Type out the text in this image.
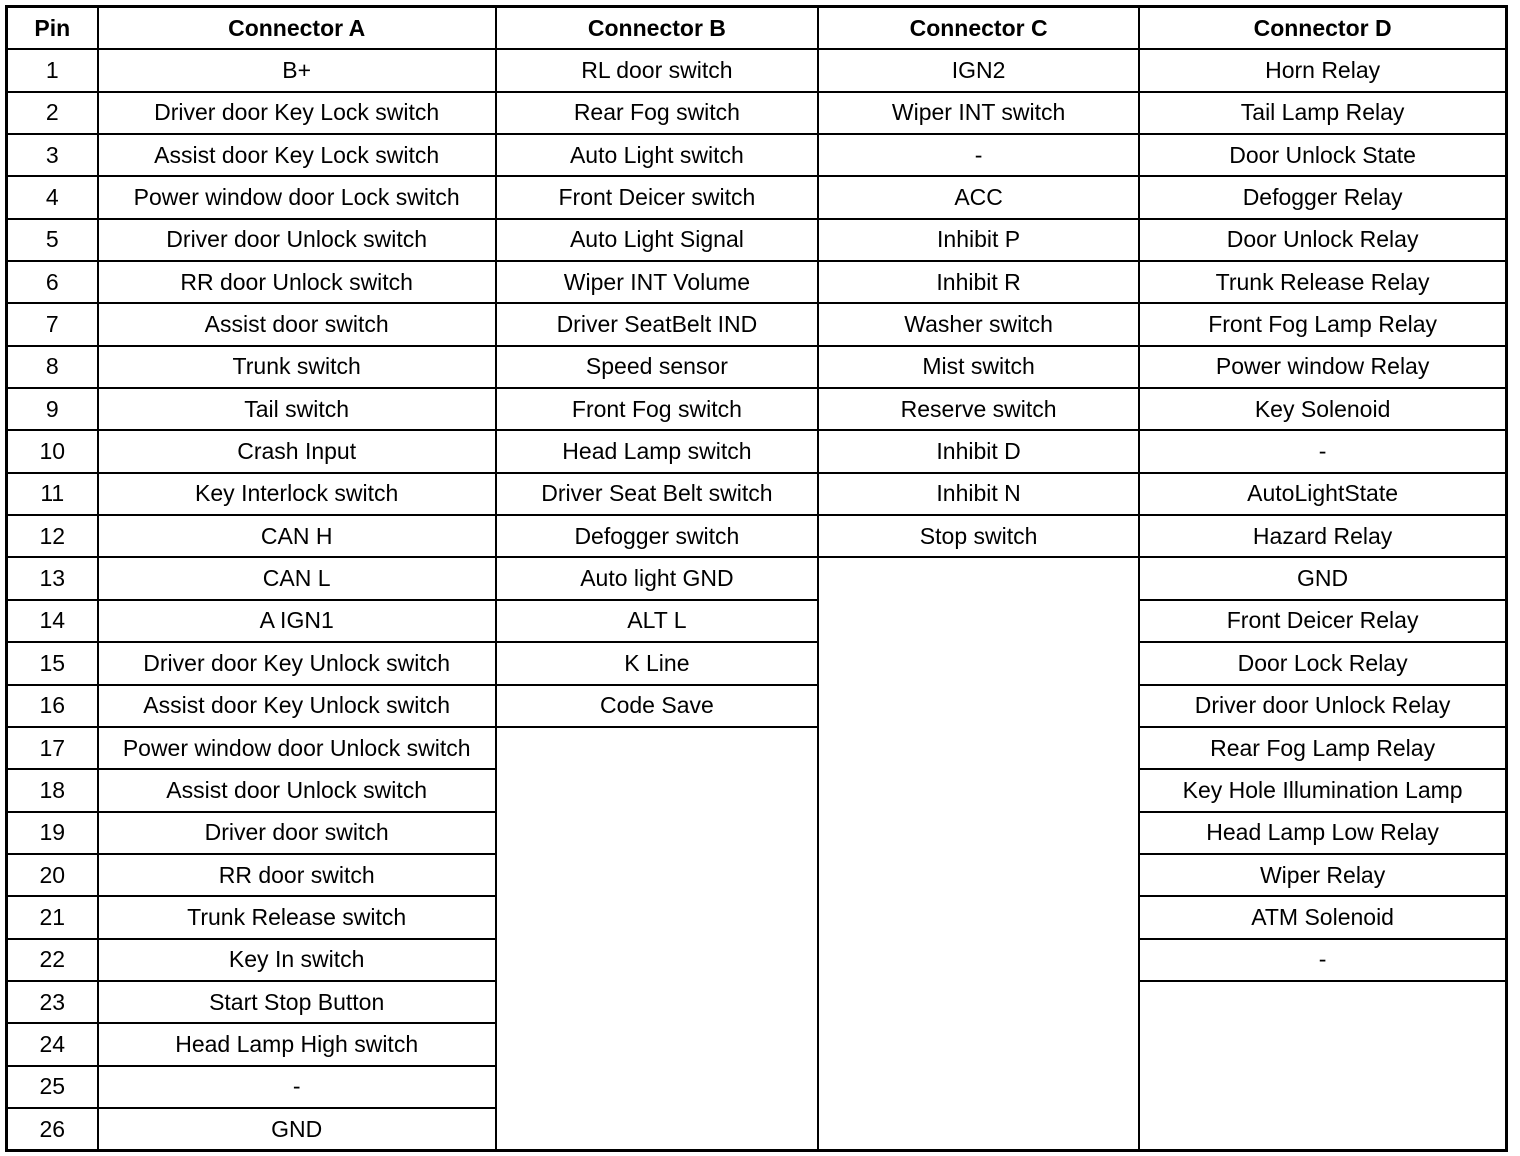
Pin	Connector A	Connector B	Connector C	Connector D
1	B+	RL door switch	IGN2	Horn Relay
2	Driver door Key Lock switch	Rear Fog switch	Wiper INT switch	Tail Lamp Relay
3	Assist door Key Lock switch	Auto Light switch	-	Door Unlock State
4	Power window door Lock switch	Front Deicer switch	ACC	Defogger Relay
5	Driver door Unlock switch	Auto Light Signal	Inhibit P	Door Unlock Relay
6	RR door Unlock switch	Wiper INT Volume	Inhibit R	Trunk Release Relay
7	Assist door switch	Driver SeatBelt IND	Washer switch	Front Fog Lamp Relay
8	Trunk switch	Speed sensor	Mist switch	Power window Relay
9	Tail switch	Front Fog switch	Reserve switch	Key Solenoid
10	Crash Input	Head Lamp switch	Inhibit D	-
11	Key Interlock switch	Driver Seat Belt switch	Inhibit N	AutoLightState
12	CAN H	Defogger switch	Stop switch	Hazard Relay
13	CAN L	Auto light GND		GND
14	A IGN1	ALT L		Front Deicer Relay
15	Driver door Key Unlock switch	K Line		Door Lock Relay
16	Assist door Key Unlock switch	Code Save		Driver door Unlock Relay
17	Power window door Unlock switch			Rear Fog Lamp Relay
18	Assist door Unlock switch			Key Hole Illumination Lamp
19	Driver door switch			Head Lamp Low Relay
20	RR door switch			Wiper Relay
21	Trunk Release switch			ATM Solenoid
22	Key In switch			-
23	Start Stop Button			
24	Head Lamp High switch			
25	-			
26	GND			
